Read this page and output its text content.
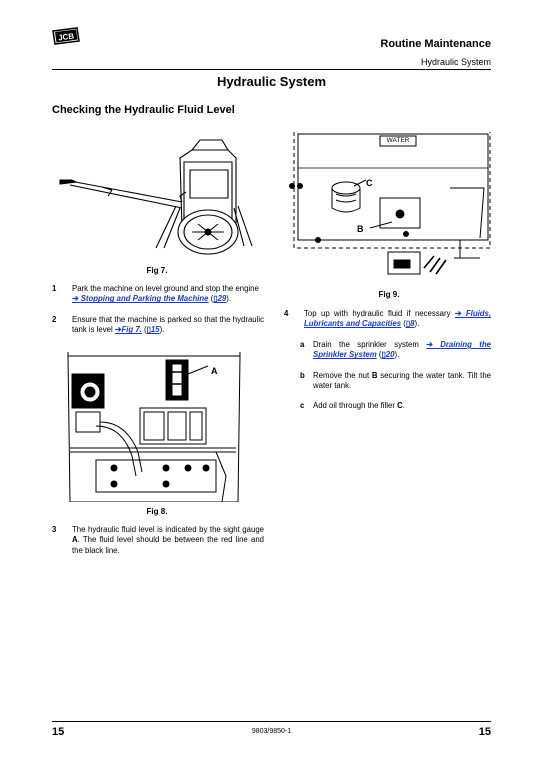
JCB
Routine Maintenance
Hydraulic System
Hydraulic System
Checking the Hydraulic Fluid Level
Fig 7.
1 Park the machine on level ground and stop the engine
➔ Stopping and Parking the Machine (▯29).
2 Ensure that the machine is parked so that the hydraulic tank is level ➔Fig 7. (▯15).
A
Fig 8.
3 The hydraulic fluid level is indicated by the sight gauge A. The fluid level should be between the red line and the black line.
WATER
C
B
Fig 9.
4 Top up with hydraulic fluid if necessary ➔ Fluids, Lubricants and Capacities (▯8).
a Drain the sprinkler system ➔ Draining the Sprinkler System (▯20).
b Remove the nut B securing the water tank. Tilt the water tank.
c Add oil through the filler C.
15	9803/9850-1	15
